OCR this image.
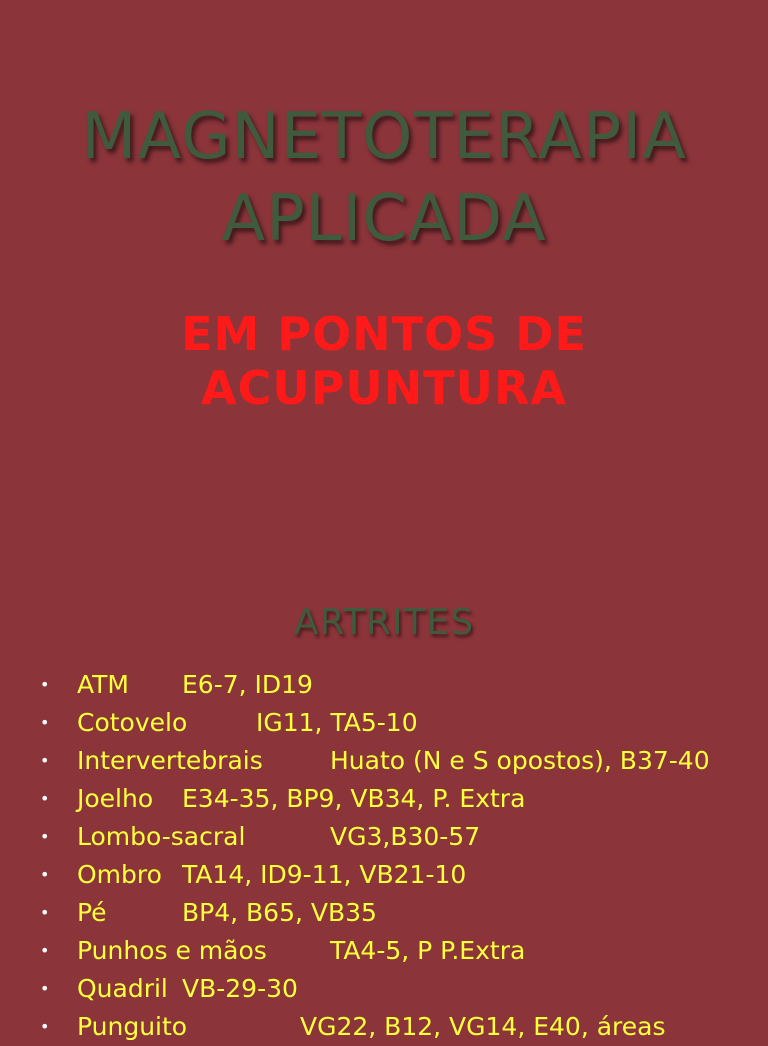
MAGNETOTERAPIA
APLICADA
EM PONTOS DE
ACUPUNTURA
ARTRITES
• ATM E6-7, ID19
• Cotovelo	IG11, TA5-10
• Intervertebrais	Huato (N e S opostos), B37-40
• Joelho E34-35, BP9, VB34, P. Extra
• Lombo-sacral	VG3,B30-57
• Ombro TA14, ID9-11, VB21-10
• Pé	BP4, B65, VB35
• Punhos e mãos	TA4-5, P P.Extra
• Quadril VB-29-30
• Punguito	VG22, B12, VG14, E40, áreas
